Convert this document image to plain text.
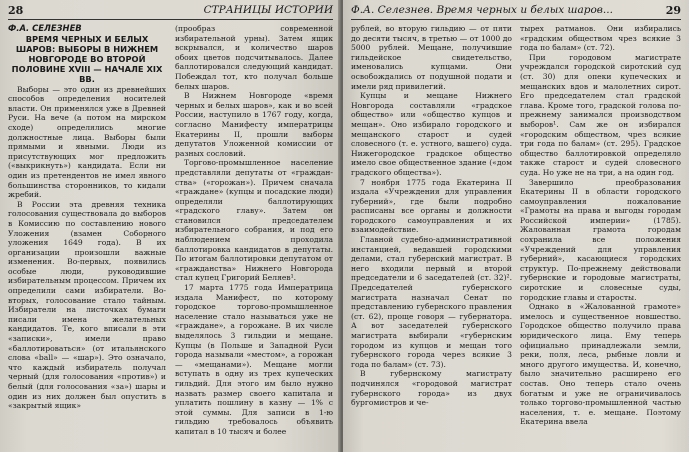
28	СТРАНИЦЫ ИСТОРИИ

Ф.А. СЕЛЕЗНЕВ

ВРЕМЯ ЧЕРНЫХ И БЕЛЫХ ШАРОВ: ВЫБОРЫ В НИЖНЕМ НОВГОРОДЕ ВО ВТОРОЙ ПОЛОВИНЕ XVIII — НАЧАЛЕ XIX ВВ.

Выборы — это один из древнейших способов определения носителей власти. Он применялся уже в Древней Руси. На вече (а потом на мирском сходе) определялись многие должностные лица. Выборы были прямыми и явными. Люди из присутствующих мог предложить («выкрикнуть») кандидата. Если ни один из претендентов не имел явного большинства сторонников, то кидали жребий.

В России эта древняя техника голосования существовала до выборов в Комиссию по составлению нового Уложения (взамен Соборного уложения 1649 года). В их организации произошли важные изменения. Во-первых, появились особые люди, руководившие избирательным процессом. Причем их определили сами избиратели. Во-вторых, голосование стало тайным. Избиратели на листочках бумаги писали имена желательных кандидатов. Те, кого вписали в эти «записки», имели право «баллотироваться» (от итальянского слова «ball» — «шар»). Это означало, что каждый избиратель получал черный (для голосования «против») и белый (для голосования «за») шары и один из них должен был опустить в «закрытый ящик»

(прообраз современной избирательной урны). Затем ящик вскрывался, и количество шаров обоих цветов подсчитывалось. Далее баллотировался следующий кандидат. Побеждал тот, кто получал больше белых шаров.

В Нижнем Новгороде «время черных и белых шаров», как и во всей России, наступило в 1767 году, когда, согласно Манифесту императрицы Екатерины II, прошли выборы депутатов Уложенной комиссии от разных сословий.

Торгово-промышленное население представляли депутаты от «граждан-ства» («горожан»). Причем сначала «граждане» (купцы и посадские люди) определяли баллотирующих «градского главу». Затем он становился председателем избирательного собрания, и под его наблюдением проходила баллотировка кандидатов в депутаты. По итогам баллотировки депутатом от «гражданства» Нижнего Новгорода стал купец Григорий Беляев¹.

17 марта 1775 года Императрица издала Манифест, по которому городское торгово-промышленное население стало называться уже не «граждане», а горожане. В их числе выделялось 3 гильдии и мещане. Купцы (в Польше и Западной Руси города называли «местом», а горожан — «мещанами»). Мещане могли вступать в одну из трех купеческих гильдий. Для этого им было нужно назвать размер своего капитала и уплатить пошлину в казну — 1% с этой суммы. Для записи в 1-ю гильдию требовалось объявить капитал в 10 тысяч и более

Ф.А. Селезнев. Время черных и белых шаров...	29

рублей, во вторую гильдию — от пяти до десяти тысяч, в третью — от 1000 до 5000 рублей. Мещане, получившие гильдейское свидетельство, именовались купцами. Они освобождались от подушной подати и имели ряд привилегий.

Купцы и мещане Нижнего Новгорода составляли «градское общество» или «общество купцов и мещан». Оно избирало городского и мещанского старост и судей словесного (т. е. устного, вашего) суда. Нижегородское градское общество имело свое общественное здание («дом градского общества»).

7 ноября 1775 года Екатерина II издала «Учреждения для управления губерний», где были подробно расписаны все органы и должности городского самоуправления и их взаимодействие.

Главной судебно-административной инстанцией, ведавшей городскими делами, стал губернский магистрат. В него входили первый и второй председатели и 6 заседателей (ст. 32)². Председателей губернского магистрата назначал Сенат по представлению губернского правления (ст. 62), проще говоря — губернатора. А вот заседателей губернского магистрата выбирали «губернским городом из купцов и мещан того губернского города через всякие 3 года по балам» (ст. 73).

В губернскому магистрату подчинялся «городовой магистрат губернского города» из двух бургомистров и че-

тырех ратманов. Они избирались «градским обществом чрез всякие 3 года по балам» (ст. 72).

При городовом магистрате учреждался городской сиротский суд (ст. 30) для опеки купеческих и мещанских вдов и малолетних сирот. Его председателем стал градской глава. Кроме того, градской голова по-прежнему занимался производством выборов¹. Сам же он избирался «городским обществом, чрез всякие три года по балам» (ст. 295). Градское общество баллотировкой определяло также старост и судей словесного суда. Но уже не на три, а на один год.

Завершило преобразования Екатерины II в области городского самоуправления пожалование «Грамоты на права и выгоды городам Российской империи» (1785). Жалованная грамота городам сохранила все положения «Учреждений для управления губерний», касающиеся городских структур. По-прежнему действовали губернские и городовые магистраты, сиротские и словесные суды, городские главы и старосты.

Однако в «Жалованной грамоте» имелось и существенное новшество. Городское общество получило права юридического лица. Ему теперь официально принадлежали земли, реки, поля, леса, рыбные ловли и много другого имущества. И, конечно, было значительно расширено его состав. Оно теперь стало очень богатым и уже не ограничивалось только торгово-промышленной частью населения, т. е. мещане. Поэтому Екатерина ввела
